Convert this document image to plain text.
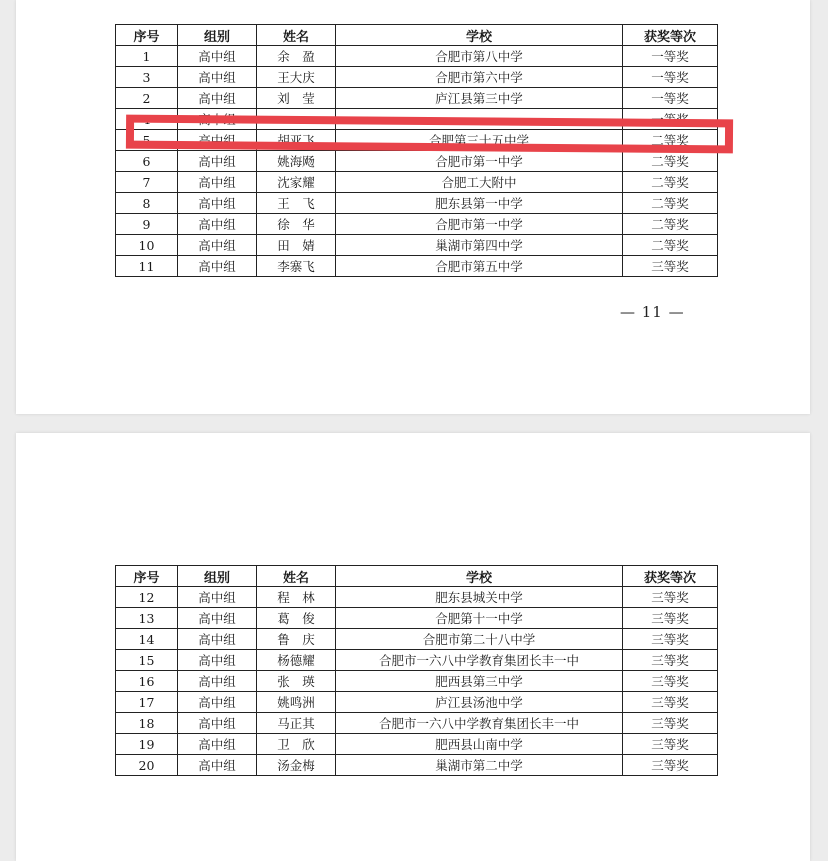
序号	组别	姓名	学校	获奖等次
1	高中组	余　盈	合肥市第八中学	一等奖
3	高中组	王大庆	合肥市第六中学	一等奖
2	高中组	刘　莹	庐江县第三中学	一等奖
4	高中组			一等奖
5	高中组	胡亚飞	合肥第三十五中学	二等奖
6	高中组	姚海飏	合肥市第一中学	二等奖
7	高中组	沈家耀	合肥工大附中	二等奖
8	高中组	王　飞	肥东县第一中学	二等奖
9	高中组	徐　华	合肥市第一中学	二等奖
10	高中组	田　婧	巢湖市第四中学	二等奖
11	高中组	李寨飞	合肥市第五中学	三等奖
— 11 —
序号	组别	姓名	学校	获奖等次
12	高中组	程　林	肥东县城关中学	三等奖
13	高中组	葛　俊	合肥第十一中学	三等奖
14	高中组	鲁　庆	合肥市第二十八中学	三等奖
15	高中组	杨德耀	合肥市一六八中学教育集团长丰一中	三等奖
16	高中组	张　瑛	肥西县第三中学	三等奖
17	高中组	姚鸣洲	庐江县汤池中学	三等奖
18	高中组	马正其	合肥市一六八中学教育集团长丰一中	三等奖
19	高中组	卫　欣	肥西县山南中学	三等奖
20	高中组	汤金梅	巢湖市第二中学	三等奖
